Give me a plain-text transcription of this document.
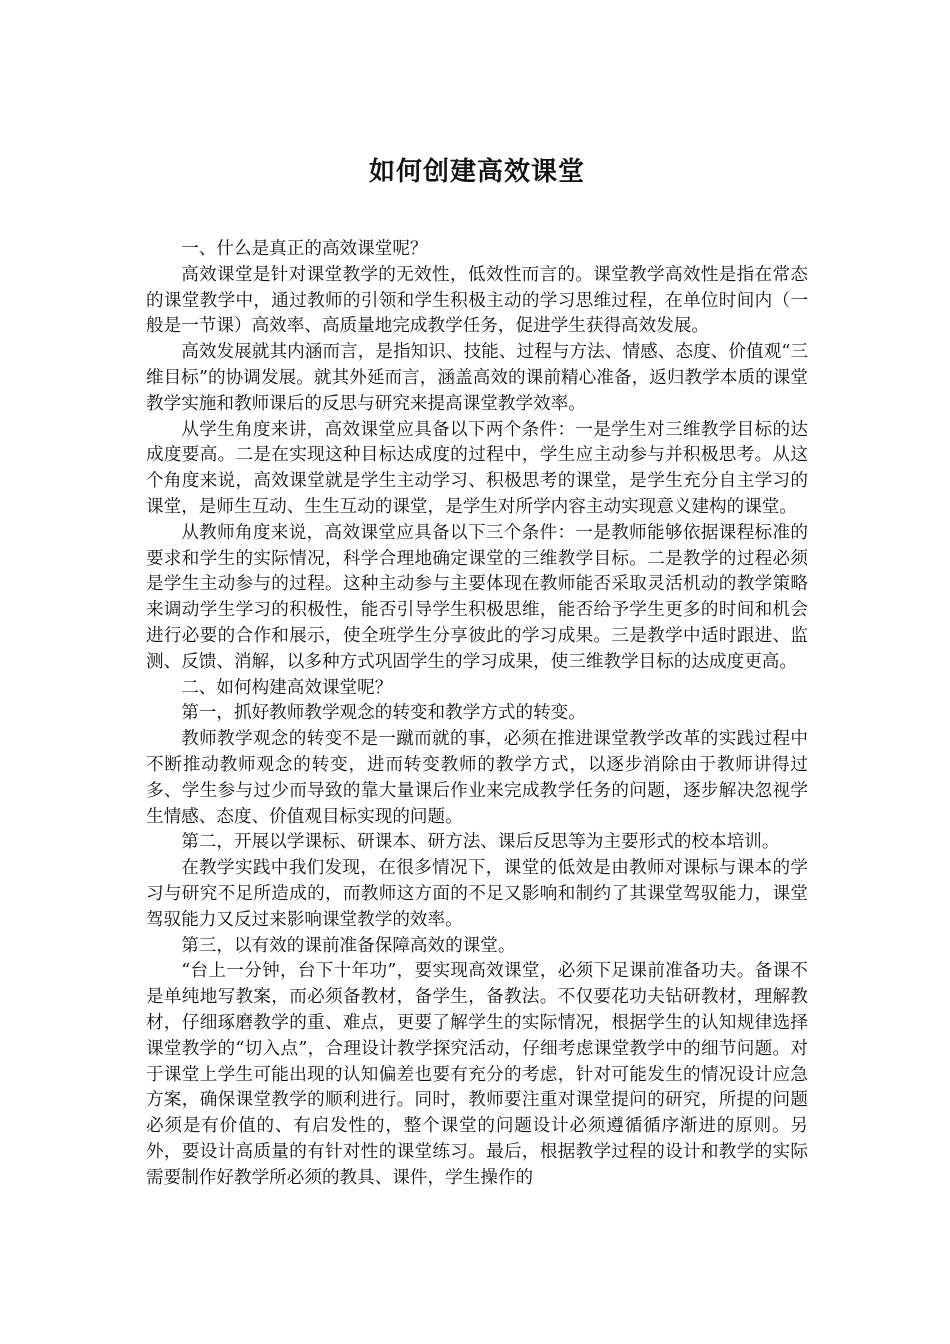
如何创建高效课堂

一、什么是真正的高效课堂呢？

高效课堂是针对课堂教学的无效性，低效性而言的。课堂教学高效性是指在常态的课堂教学中，通过教师的引领和学生积极主动的学习思维过程，在单位时间内（一般是一节课）高效率、高质量地完成教学任务，促进学生获得高效发展。

高效发展就其内涵而言，是指知识、技能、过程与方法、情感、态度、价值观“三维目标”的协调发展。就其外延而言，涵盖高效的课前精心准备，返归教学本质的课堂教学实施和教师课后的反思与研究来提高课堂教学效率。

从学生角度来讲，高效课堂应具备以下两个条件：一是学生对三维教学目标的达成度要高。二是在实现这种目标达成度的过程中，学生应主动参与并积极思考。从这个角度来说，高效课堂就是学生主动学习、积极思考的课堂，是学生充分自主学习的课堂，是师生互动、生生互动的课堂，是学生对所学内容主动实现意义建构的课堂。

从教师角度来说，高效课堂应具备以下三个条件：一是教师能够依据课程标准的要求和学生的实际情况，科学合理地确定课堂的三维教学目标。二是教学的过程必须是学生主动参与的过程。这种主动参与主要体现在教师能否采取灵活机动的教学策略来调动学生学习的积极性，能否引导学生积极思维，能否给予学生更多的时间和机会进行必要的合作和展示，使全班学生分享彼此的学习成果。三是教学中适时跟进、监测、反馈、消解，以多种方式巩固学生的学习成果，使三维教学目标的达成度更高。

二、如何构建高效课堂呢？

第一，抓好教师教学观念的转变和教学方式的转变。

教师教学观念的转变不是一蹴而就的事，必须在推进课堂教学改革的实践过程中不断推动教师观念的转变，进而转变教师的教学方式，以逐步消除由于教师讲得过多、学生参与过少而导致的靠大量课后作业来完成教学任务的问题，逐步解决忽视学生情感、态度、价值观目标实现的问题。

第二，开展以学课标、研课本、研方法、课后反思等为主要形式的校本培训。

在教学实践中我们发现，在很多情况下，课堂的低效是由教师对课标与课本的学习与研究不足所造成的，而教师这方面的不足又影响和制约了其课堂驾驭能力，课堂驾驭能力又反过来影响课堂教学的效率。

第三，以有效的课前准备保障高效的课堂。

“台上一分钟，台下十年功”，要实现高效课堂，必须下足课前准备功夫。备课不是单纯地写教案，而必须备教材，备学生，备教法。不仅要花功夫钻研教材，理解教材，仔细琢磨教学的重、难点，更要了解学生的实际情况，根据学生的认知规律选择课堂教学的“切入点”，合理设计教学探究活动，仔细考虑课堂教学中的细节问题。对于课堂上学生可能出现的认知偏差也要有充分的考虑，针对可能发生的情况设计应急方案，确保课堂教学的顺利进行。同时，教师要注重对课堂提问的研究，所提的问题必须是有价值的、有启发性的，整个课堂的问题设计必须遵循循序渐进的原则。另外，要设计高质量的有针对性的课堂练习。最后，根据教学过程的设计和教学的实际需要制作好教学所必须的教具、课件，学生操作的
